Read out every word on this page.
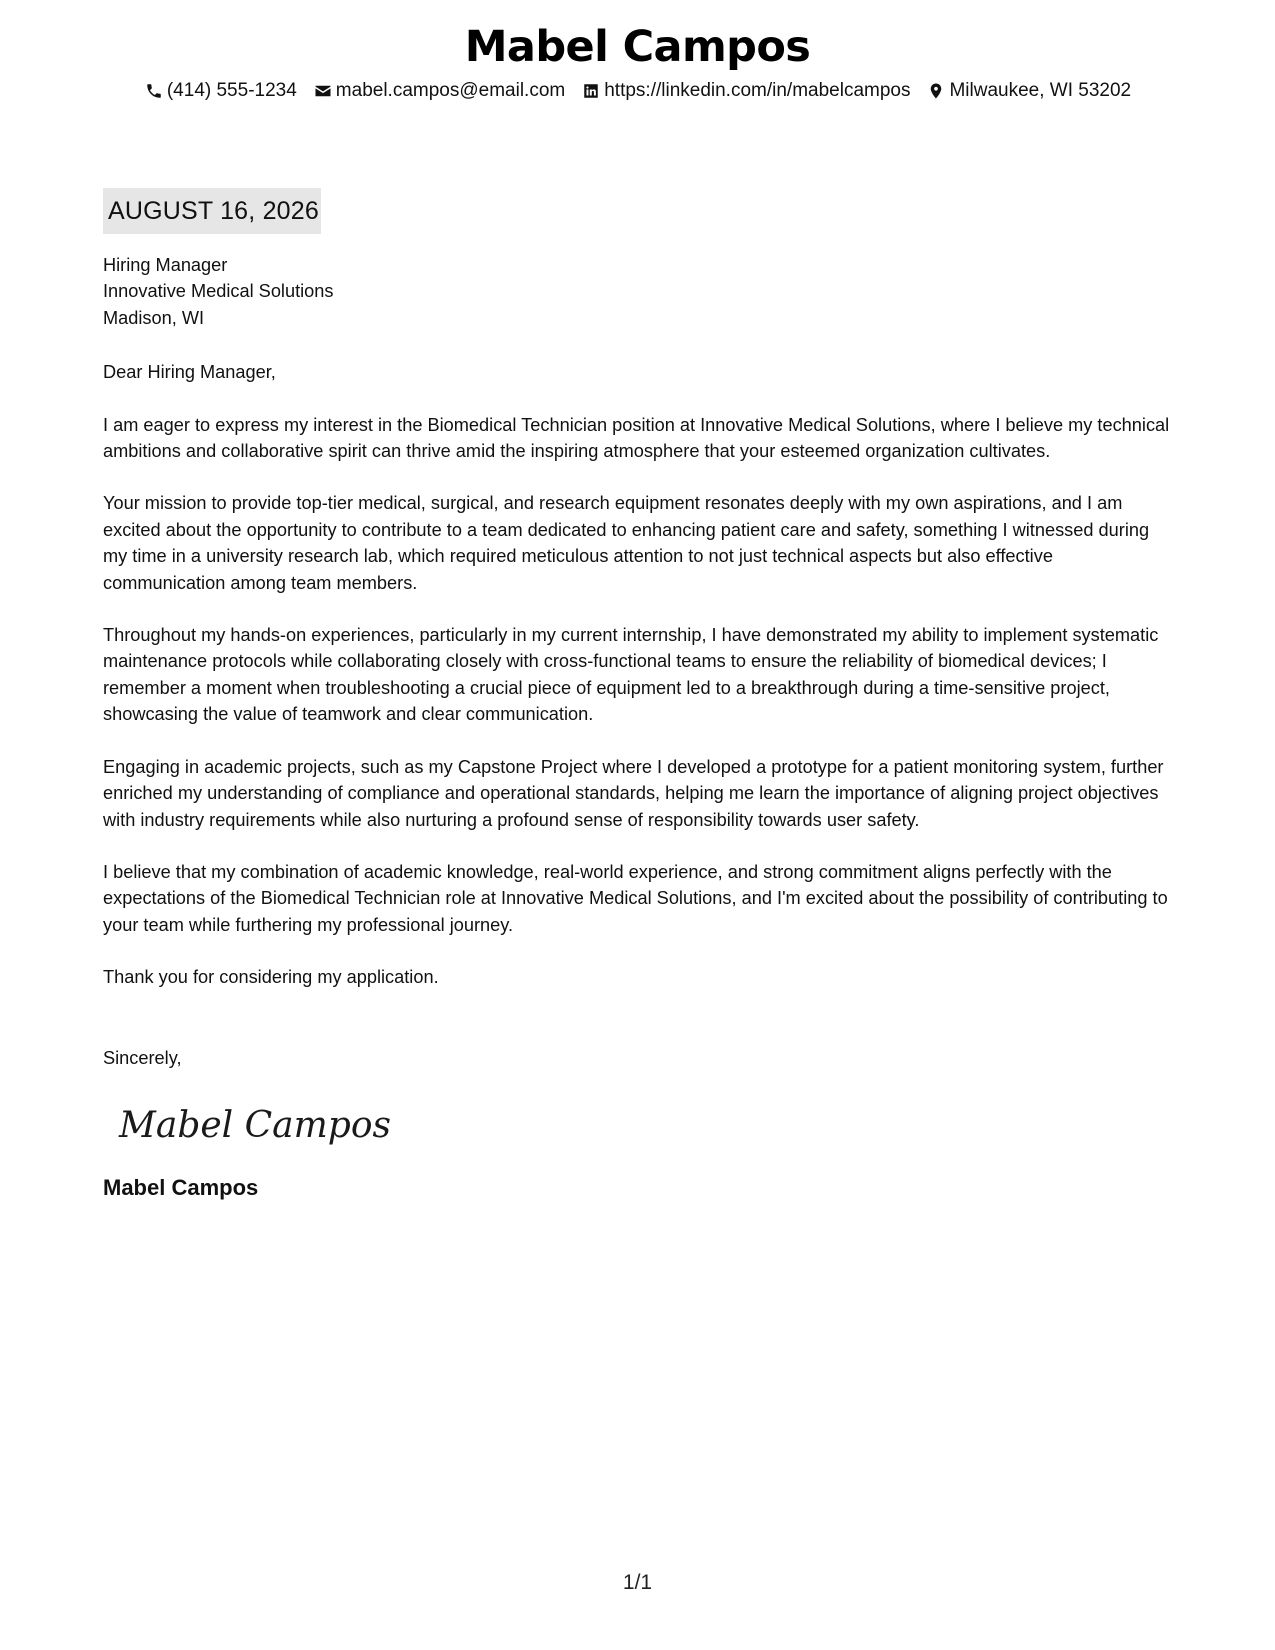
Mabel Campos
(414) 555-1234 mabel.campos@email.com https://linkedin.com/in/mabelcampos Milwaukee, WI 53202
AUGUST 16, 2026

Hiring Manager

Innovative Medical Solutions

Madison, WI

Dear Hiring Manager,

I am eager to express my interest in the Biomedical Technician position at Innovative Medical Solutions, where I believe my technical ambitions and collaborative spirit can thrive amid the inspiring atmosphere that your esteemed organization cultivates.

Your mission to provide top-tier medical, surgical, and research equipment resonates deeply with my own aspirations, and I am excited about the opportunity to contribute to a team dedicated to enhancing patient care and safety, something I witnessed during my time in a university research lab, which required meticulous attention to not just technical aspects but also effective communication among team members.

Throughout my hands-on experiences, particularly in my current internship, I have demonstrated my ability to implement systematic maintenance protocols while collaborating closely with cross-functional teams to ensure the reliability of biomedical devices; I remember a moment when troubleshooting a crucial piece of equipment led to a breakthrough during a time-sensitive project, showcasing the value of teamwork and clear communication.

Engaging in academic projects, such as my Capstone Project where I developed a prototype for a patient monitoring system, further enriched my understanding of compliance and operational standards, helping me learn the importance of aligning project objectives with industry requirements while also nurturing a profound sense of responsibility towards user safety.

I believe that my combination of academic knowledge, real-world experience, and strong commitment aligns perfectly with the expectations of the Biomedical Technician role at Innovative Medical Solutions, and I'm excited about the possibility of contributing to your team while furthering my professional journey.

Thank you for considering my application.

Sincerely,

Mabel Campos

Mabel Campos

1/1
